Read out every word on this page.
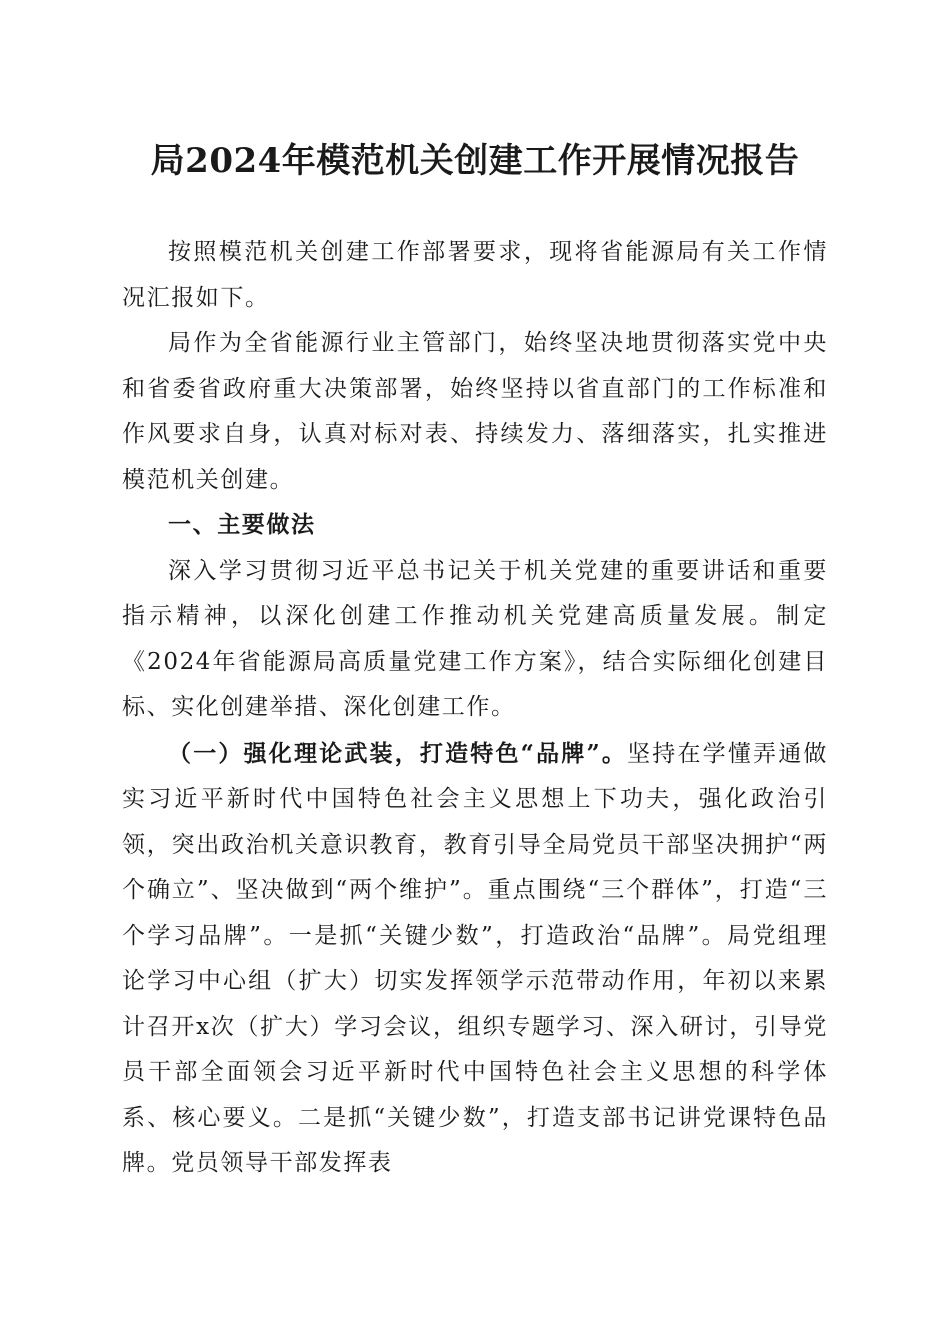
局2024年模范机关创建工作开展情况报告

按照模范机关创建工作部署要求，现将省能源局有关工作情况汇报如下。

局作为全省能源行业主管部门，始终坚决地贯彻落实党中央和省委省政府重大决策部署，始终坚持以省直部门的工作标准和作风要求自身，认真对标对表、持续发力、落细落实，扎实推进模范机关创建。

一、主要做法

深入学习贯彻习近平总书记关于机关党建的重要讲话和重要指示精神，以深化创建工作推动机关党建高质量发展。制定《2024年省能源局高质量党建工作方案》，结合实际细化创建目标、实化创建举措、深化创建工作。

（一）强化理论武装，打造特色“品牌”。坚持在学懂弄通做实习近平新时代中国特色社会主义思想上下功夫，强化政治引领，突出政治机关意识教育，教育引导全局党员干部坚决拥护“两个确立”、坚决做到“两个维护”。重点围绕“三个群体”，打造“三个学习品牌”。一是抓“关键少数”，打造政治“品牌”。局党组理论学习中心组（扩大）切实发挥领学示范带动作用，年初以来累计召开x次（扩大）学习会议，组织专题学习、深入研讨，引导党员干部全面领会习近平新时代中国特色社会主义思想的科学体系、核心要义。二是抓“关键少数”，打造支部书记讲党课特色品牌。党员领导干部发挥表
